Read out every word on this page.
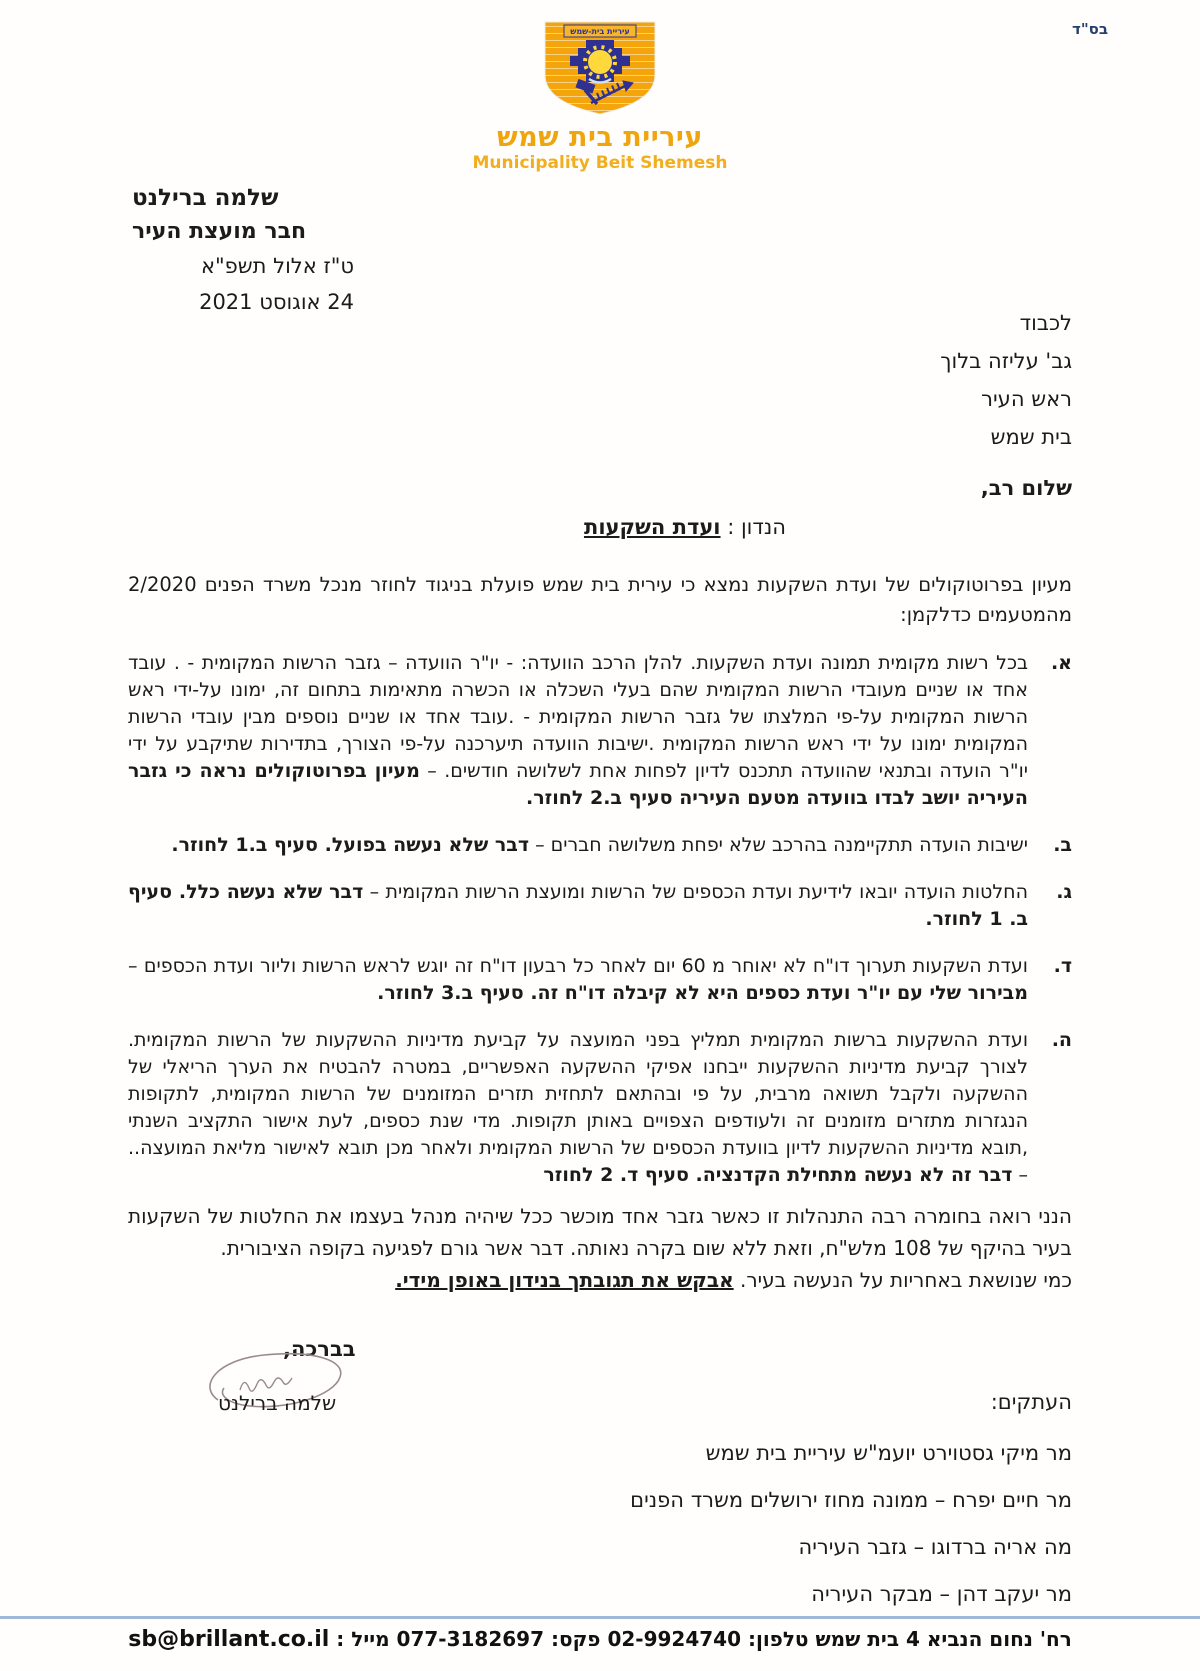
בס"ד
עיריית בית-שמש
עיריית בית שמש
Municipality Beit Shemesh
שלמה ברילנט
חבר מועצת העיר
ט"ז אלול תשפ"א
24 אוגוסט 2021
לכבוד
גב' עליזה בלוך
ראש העיר
בית שמש
שלום רב,
הנדון : ועדת השקעות
מעיון בפרוטוקולים של ועדת השקעות נמצא כי עירית בית שמש פועלת בניגוד לחוזר מנכל משרד הפנים 2/2020 מהמטעמים כדלקמן:
א.
בכל רשות מקומית תמונה ועדת השקעות. להלן הרכב הוועדה: - יו"ר הוועדה – גזבר הרשות המקומית - . עובד אחד או שניים מעובדי הרשות המקומית שהם בעלי השכלה או הכשרה מתאימות בתחום זה, ימונו על-ידי ראש הרשות המקומית על-פי המלצתו של גזבר הרשות המקומית - .עובד אחד או שניים נוספים מבין עובדי הרשות המקומית ימונו על ידי ראש הרשות המקומית .ישיבות הוועדה תיערכנה על-פי הצורך, בתדירות שתיקבע על ידי יו"ר הועדה ובתנאי שהוועדה תתכנס לדיון לפחות אחת לשלושה חודשים. – מעיון בפרוטוקולים נראה כי גזבר העיריה יושב לבדו בוועדה מטעם העיריה סעיף ב.2 לחוזר.
ב.
ישיבות הועדה תתקיימנה בהרכב שלא יפחת משלושה חברים – דבר שלא נעשה בפועל. סעיף ב.1 לחוזר.
ג.
החלטות הועדה יובאו לידיעת ועדת הכספים של הרשות ומועצת הרשות המקומית – דבר שלא נעשה כלל. סעיף ב. 1 לחוזר.
ד.
ועדת השקעות תערוך דו"ח לא יאוחר מ 60 יום לאחר כל רבעון דו"ח זה יוגש לראש הרשות וליור ועדת הכספים – מבירור שלי עם יו"ר ועדת כספים היא לא קיבלה דו"ח זה. סעיף ב.3 לחוזר.
ה.
ועדת ההשקעות ברשות המקומית תמליץ בפני המועצה על קביעת מדיניות ההשקעות של הרשות המקומית. לצורך קביעת מדיניות ההשקעות ייבחנו אפיקי ההשקעה האפשריים, במטרה להבטיח את הערך הריאלי של ההשקעה ולקבל תשואה מרבית, על פי ובהתאם לתחזית תזרים המזומנים של הרשות המקומית, לתקופות הנגזרות מתזרים מזומנים זה ולעודפים הצפויים באותן תקופות. מדי שנת כספים, לעת אישור התקציב השנתי ,תובא מדיניות ההשקעות לדיון בוועדת הכספים של הרשות המקומית ולאחר מכן תובא לאישור מליאת המועצה.. – דבר זה לא נעשה מתחילת הקדנציה. סעיף ד. 2 לחוזר
הנני רואה בחומרה רבה התנהלות זו כאשר גזבר אחד מוכשר ככל שיהיה מנהל בעצמו את החלטות של השקעות בעיר בהיקף של 108 מלש"ח, וזאת ללא שום בקרה נאותה. דבר אשר גורם לפגיעה בקופה הציבורית.
כמי שנושאת באחריות על הנעשה בעיר. אבקש את תגובתך בנידון באופן מידי.
בברכה,
שלמה ברילנט	העתקים:
מר מיקי גסטוירט יועמ"ש עיריית בית שמש
מר חיים יפרח – ממונה מחוז ירושלים משרד הפנים
מה אריה ברדוגו – גזבר העיריה
מר יעקב דהן – מבקר העיריה
רח' נחום הנביא 4 בית שמש טלפון: 02-9924740 פקס: 077-3182697 מייל : sb@brillant.co.il
